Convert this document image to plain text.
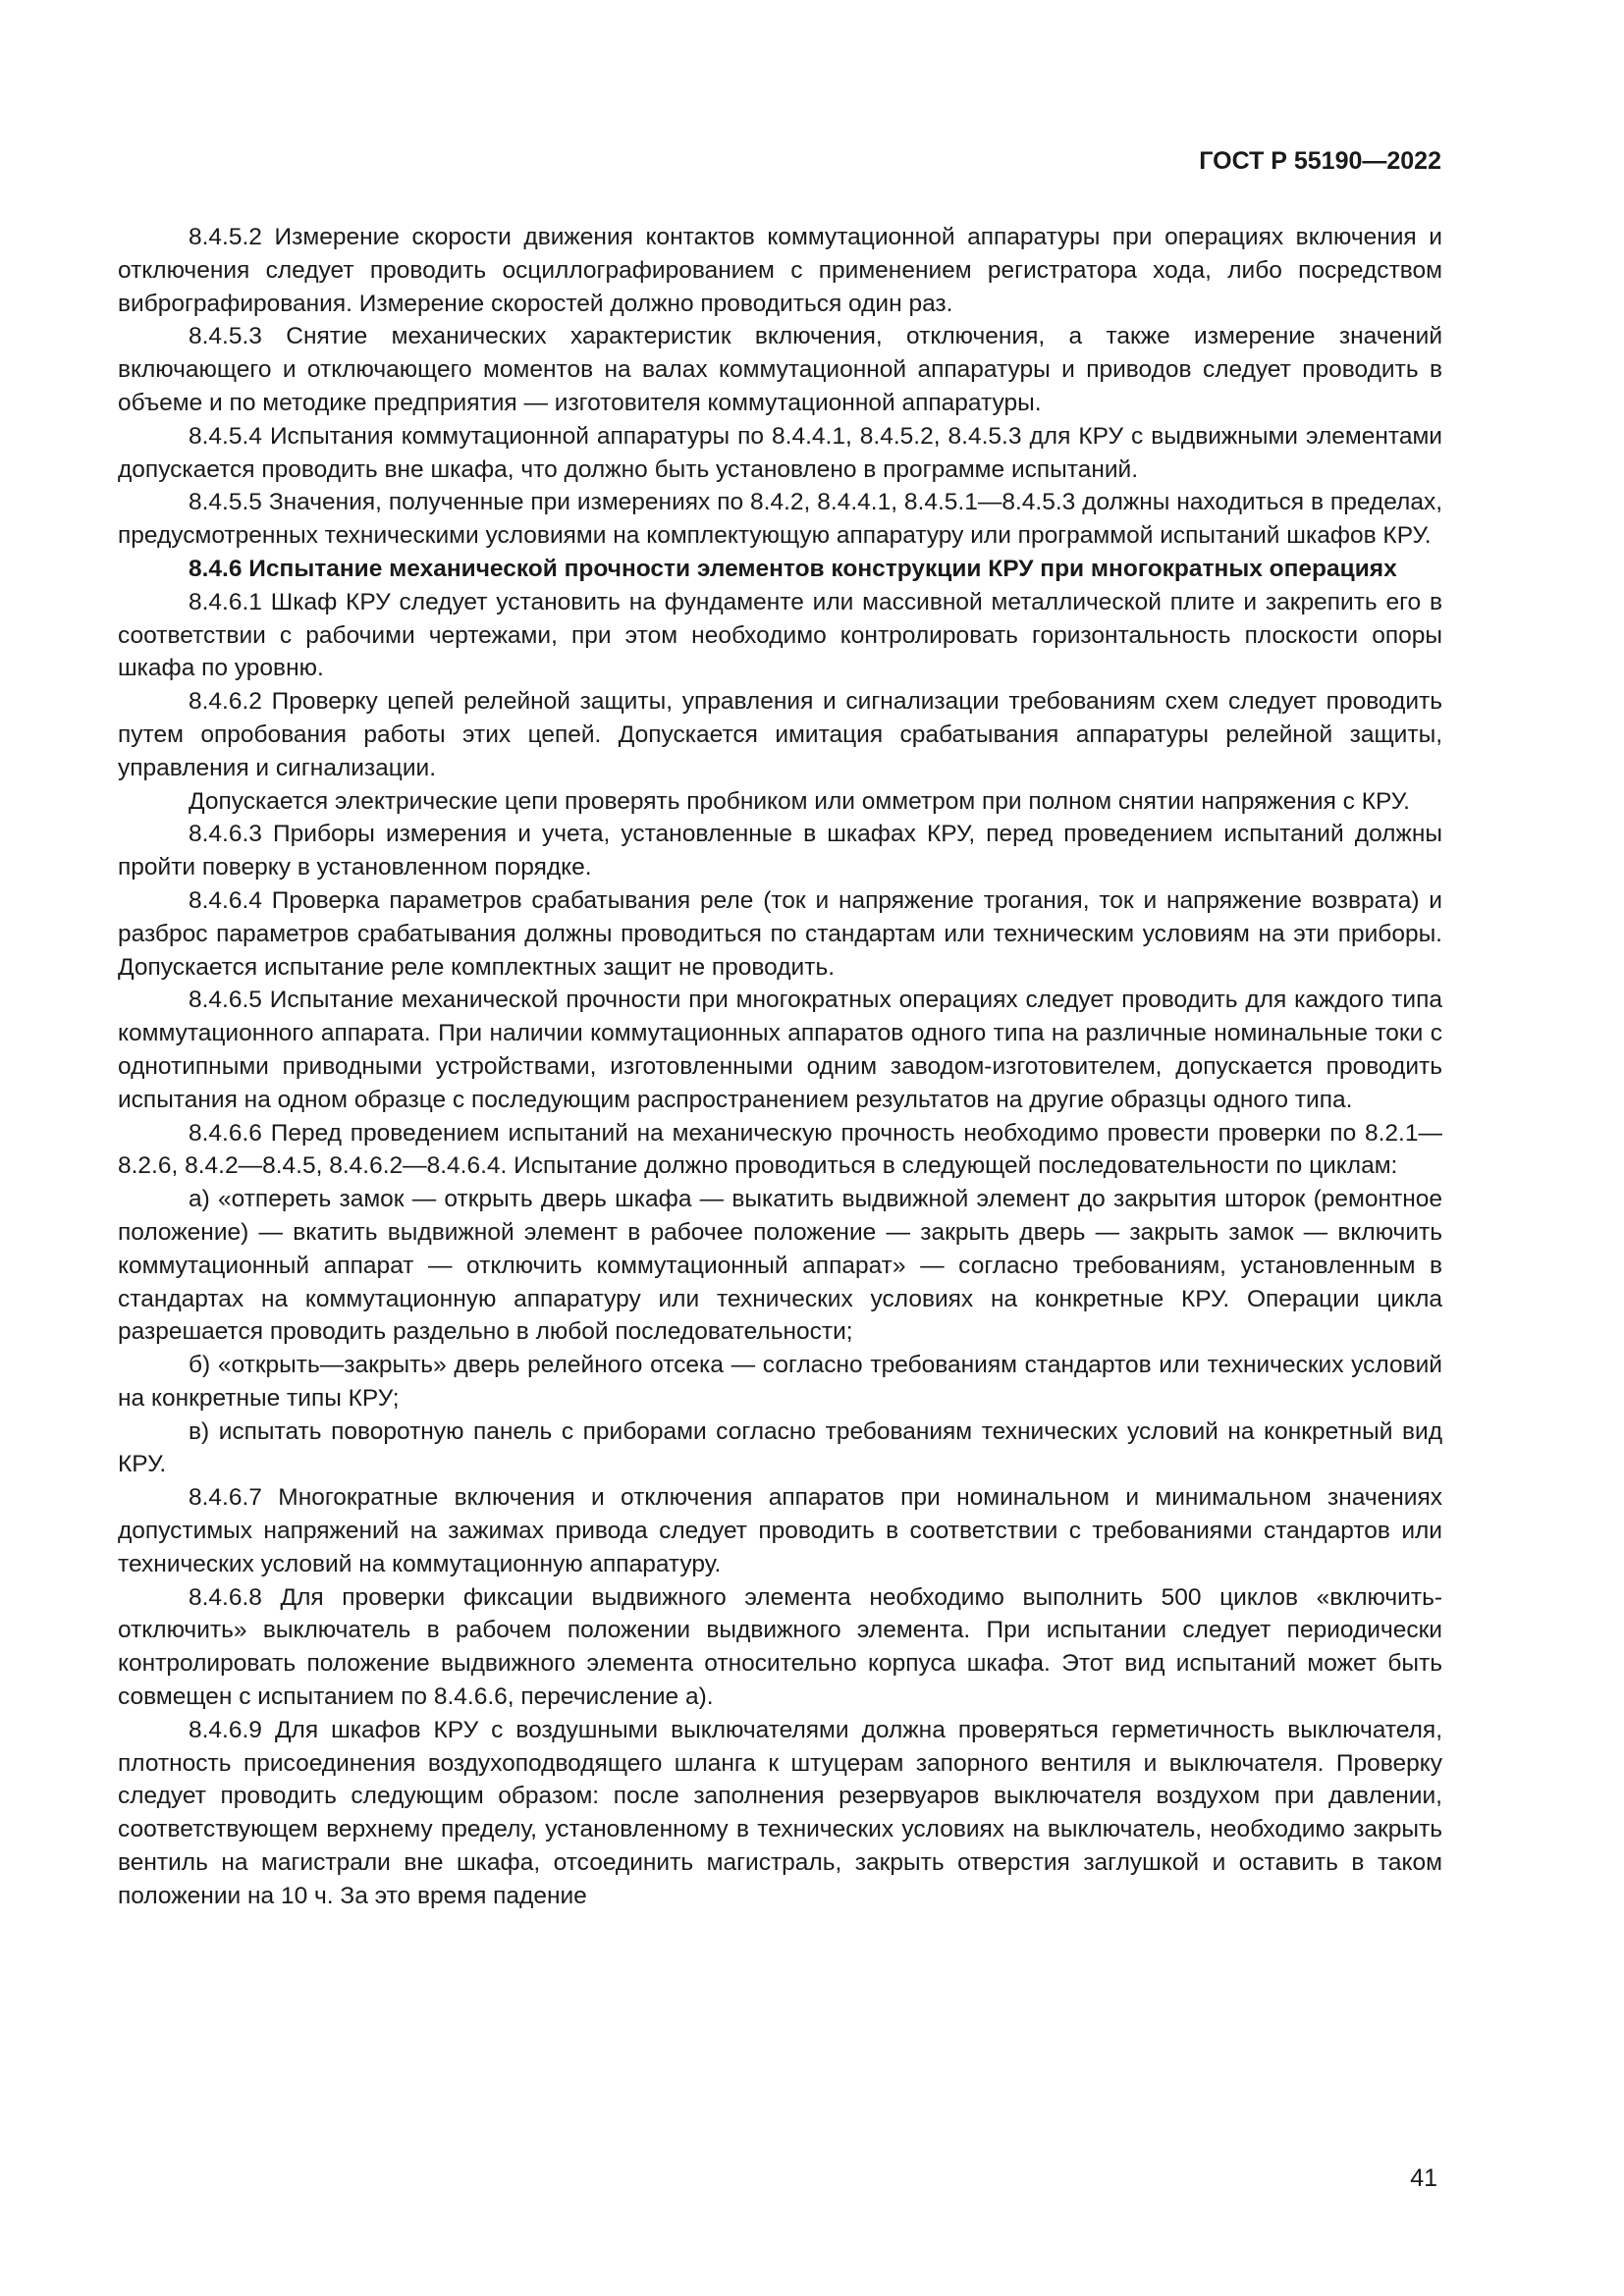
ГОСТ Р 55190—2022

8.4.5.2 Измерение скорости движения контактов коммутационной аппаратуры при операциях включения и отключения следует проводить осциллографированием с применением регистратора хода, либо посредством вибрографирования. Измерение скоростей должно проводиться один раз.

8.4.5.3 Снятие механических характеристик включения, отключения, а также измерение значений включающего и отключающего моментов на валах коммутационной аппаратуры и приводов следует проводить в объеме и по методике предприятия — изготовителя коммутационной аппаратуры.

8.4.5.4 Испытания коммутационной аппаратуры по 8.4.4.1, 8.4.5.2, 8.4.5.3 для КРУ с выдвижными элементами допускается проводить вне шкафа, что должно быть установлено в программе испытаний.

8.4.5.5 Значения, полученные при измерениях по 8.4.2, 8.4.4.1, 8.4.5.1—8.4.5.3 должны находиться в пределах, предусмотренных техническими условиями на комплектующую аппаратуру или программой испытаний шкафов КРУ.

8.4.6 Испытание механической прочности элементов конструкции КРУ при многократных операциях

8.4.6.1 Шкаф КРУ следует установить на фундаменте или массивной металлической плите и закрепить его в соответствии с рабочими чертежами, при этом необходимо контролировать горизонтальность плоскости опоры шкафа по уровню.

8.4.6.2 Проверку цепей релейной защиты, управления и сигнализации требованиям схем следует проводить путем опробования работы этих цепей. Допускается имитация срабатывания аппаратуры релейной защиты, управления и сигнализации.

Допускается электрические цепи проверять пробником или омметром при полном снятии напряжения с КРУ.

8.4.6.3 Приборы измерения и учета, установленные в шкафах КРУ, перед проведением испытаний должны пройти поверку в установленном порядке.

8.4.6.4 Проверка параметров срабатывания реле (ток и напряжение трогания, ток и напряжение возврата) и разброс параметров срабатывания должны проводиться по стандартам или техническим условиям на эти приборы. Допускается испытание реле комплектных защит не проводить.

8.4.6.5 Испытание механической прочности при многократных операциях следует проводить для каждого типа коммутационного аппарата. При наличии коммутационных аппаратов одного типа на различные номинальные токи с однотипными приводными устройствами, изготовленными одним заводом-изготовителем, допускается проводить испытания на одном образце с последующим распространением результатов на другие образцы одного типа.

8.4.6.6 Перед проведением испытаний на механическую прочность необходимо провести проверки по 8.2.1—8.2.6, 8.4.2—8.4.5, 8.4.6.2—8.4.6.4. Испытание должно проводиться в следующей последовательности по циклам:

а) «отпереть замок — открыть дверь шкафа — выкатить выдвижной элемент до закрытия шторок (ремонтное положение) — вкатить выдвижной элемент в рабочее положение — закрыть дверь — закрыть замок — включить коммутационный аппарат — отключить коммутационный аппарат» — согласно требованиям, установленным в стандартах на коммутационную аппаратуру или технических условиях на конкретные КРУ. Операции цикла разрешается проводить раздельно в любой последовательности;

б) «открыть—закрыть» дверь релейного отсека — согласно требованиям стандартов или технических условий на конкретные типы КРУ;

в) испытать поворотную панель с приборами согласно требованиям технических условий на конкретный вид КРУ.

8.4.6.7 Многократные включения и отключения аппаратов при номинальном и минимальном значениях допустимых напряжений на зажимах привода следует проводить в соответствии с требованиями стандартов или технических условий на коммутационную аппаратуру.

8.4.6.8 Для проверки фиксации выдвижного элемента необходимо выполнить 500 циклов «включить-отключить» выключатель в рабочем положении выдвижного элемента. При испытании следует периодически контролировать положение выдвижного элемента относительно корпуса шкафа. Этот вид испытаний может быть совмещен с испытанием по 8.4.6.6, перечисление а).

8.4.6.9 Для шкафов КРУ с воздушными выключателями должна проверяться герметичность выключателя, плотность присоединения воздухоподводящего шланга к штуцерам запорного вентиля и выключателя. Проверку следует проводить следующим образом: после заполнения резервуаров выключателя воздухом при давлении, соответствующем верхнему пределу, установленному в технических условиях на выключатель, необходимо закрыть вентиль на магистрали вне шкафа, отсоединить магистраль, закрыть отверстия заглушкой и оставить в таком положении на 10 ч. За это время падение

41
